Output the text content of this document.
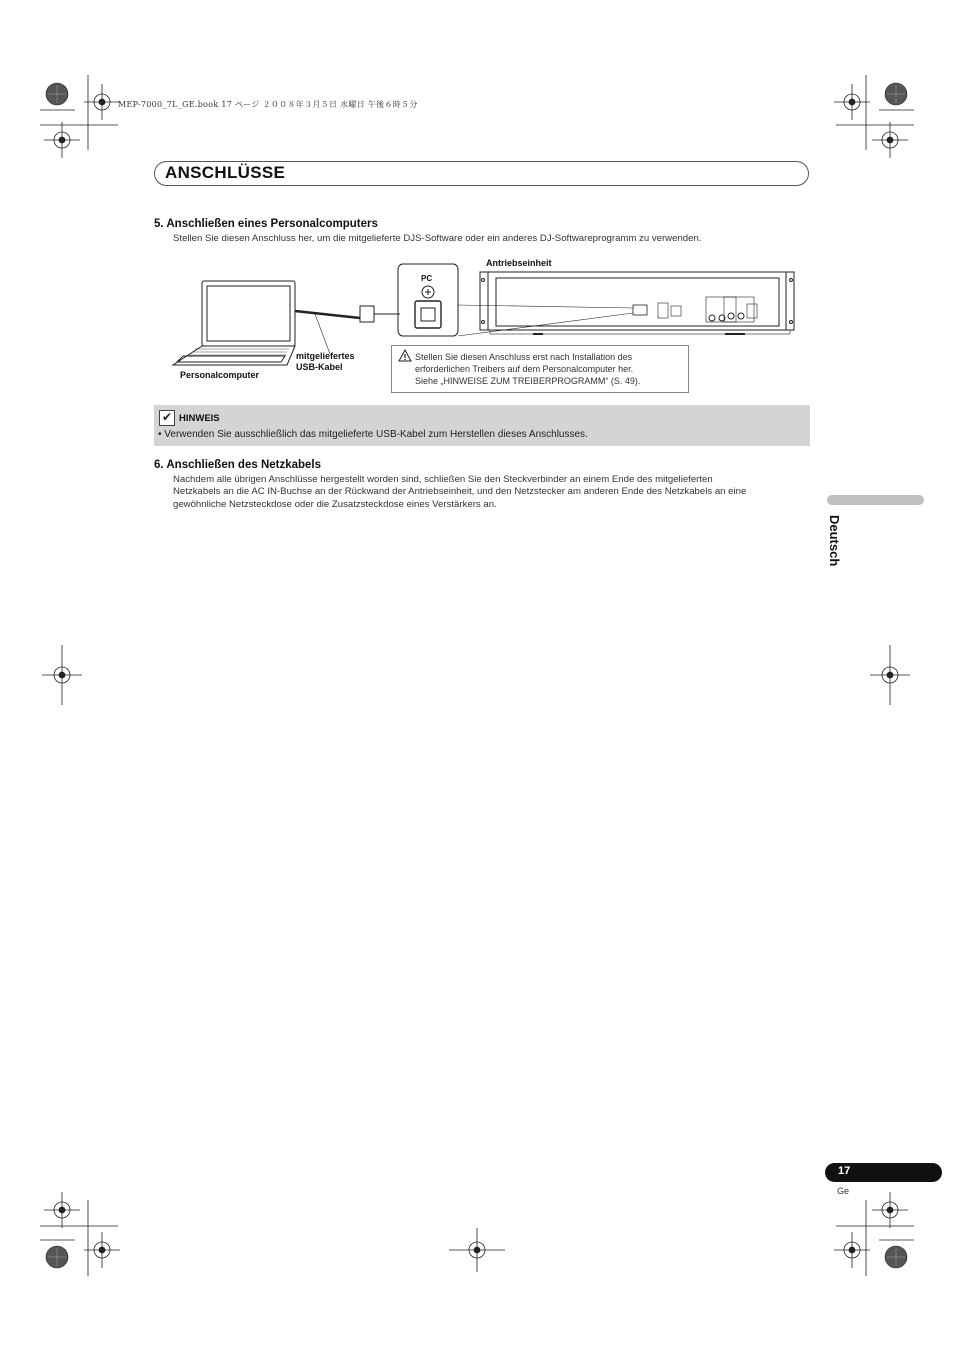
MEP-7000_7L_GE.book 17 ページ ２００８年３月５日 水曜日 午後６時５分
ANSCHLÜSSE
5. Anschließen eines Personalcomputers
Stellen Sie diesen Anschluss her, um die mitgelieferte DJS-Software oder ein anderes DJ-Softwareprogramm zu verwenden.
Antriebseinheit
PC
Personalcomputer
mitgeliefertes
USB-Kabel
Stellen Sie diesen Anschluss erst nach Installation des
erforderlichen Treibers auf dem Personalcomputer her.
Siehe „HINWEISE ZUM TREIBERPROGRAMM“ (S. 49).
✔ HINWEIS
• Verwenden Sie ausschließlich das mitgelieferte USB-Kabel zum Herstellen dieses Anschlusses.
6. Anschließen des Netzkabels
Nachdem alle übrigen Anschlüsse hergestellt worden sind, schließen Sie den Steckverbinder an einem Ende des mitgelieferten
Netzkabels an die AC IN-Buchse an der Rückwand der Antriebseinheit, und den Netzstecker am anderen Ende des Netzkabels an eine
gewöhnliche Netzsteckdose oder die Zusatzsteckdose eines Verstärkers an.
Deutsch
17
Ge
